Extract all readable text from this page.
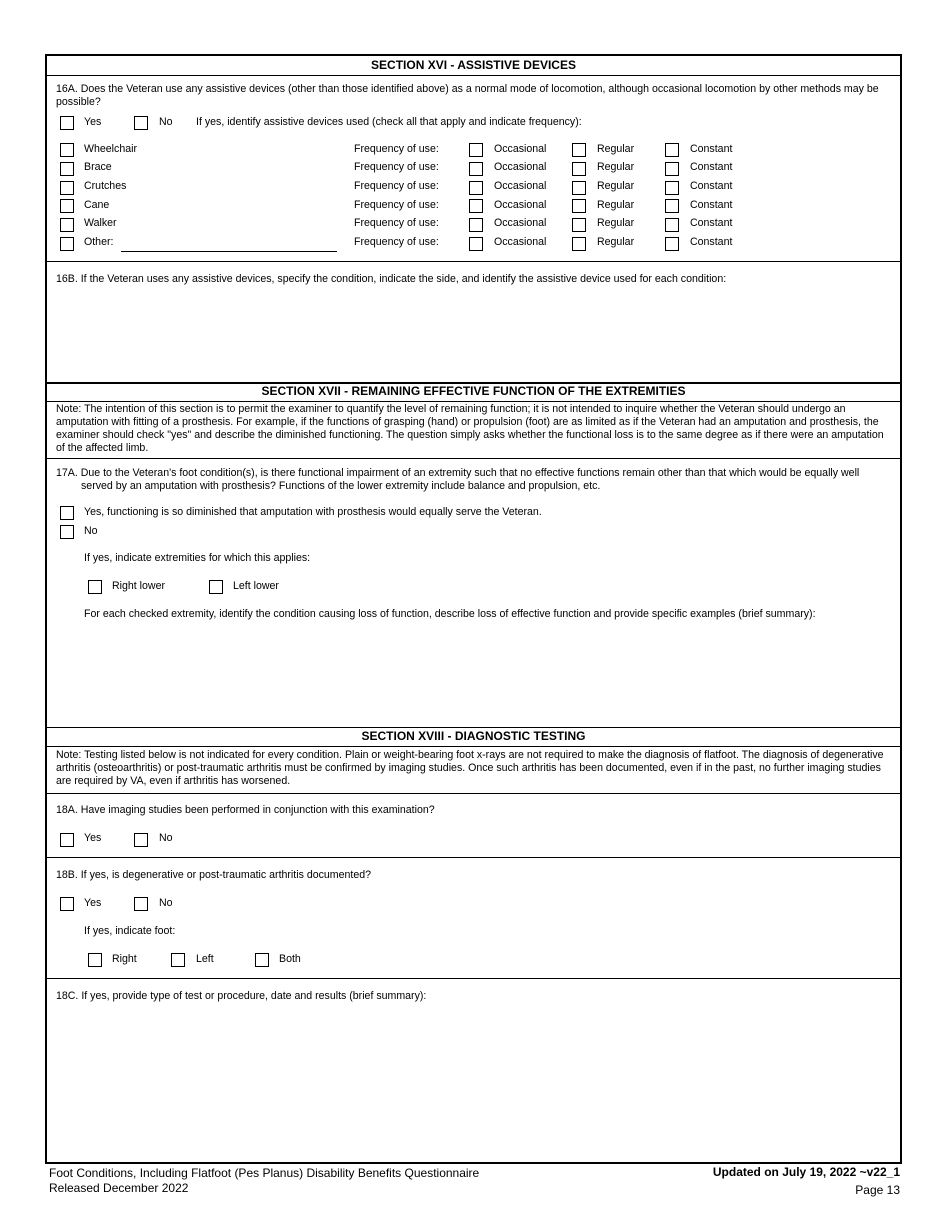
SECTION XVI - ASSISTIVE DEVICES
16A. Does the Veteran use any assistive devices (other than those identified above) as a normal mode of locomotion, although occasional locomotion by other methods may be possible?
Yes	No If yes, identify assistive devices used (check all that apply and indicate frequency):
Wheelchair	Frequency of use:	Occasional	Regular	Constant
Brace	Frequency of use:	Occasional	Regular	Constant
Crutches	Frequency of use:	Occasional	Regular	Constant
Cane	Frequency of use:	Occasional	Regular	Constant
Walker	Frequency of use:	Occasional	Regular	Constant
Other:	Frequency of use:	Occasional	Regular	Constant
16B. If the Veteran uses any assistive devices, specify the condition, indicate the side, and identify the assistive device used for each condition:
SECTION XVII - REMAINING EFFECTIVE FUNCTION OF THE EXTREMITIES
Note: The intention of this section is to permit the examiner to quantify the level of remaining function; it is not intended to inquire whether the Veteran should undergo an amputation with fitting of a prosthesis. For example, if the functions of grasping (hand) or propulsion (foot) are as limited as if the Veteran had an amputation and prosthesis, the examiner should check "yes" and describe the diminished functioning. The question simply asks whether the functional loss is to the same degree as if there were an amputation of the affected limb.
17A. Due to the Veteran's foot condition(s), is there functional impairment of an extremity such that no effective functions remain other than that which would be equally well
served by an amputation with prosthesis? Functions of the lower extremity include balance and propulsion, etc.
Yes, functioning is so diminished that amputation with prosthesis would equally serve the Veteran.
No
If yes, indicate extremities for which this applies:
Right lower	Left lower
For each checked extremity, identify the condition causing loss of function, describe loss of effective function and provide specific examples (brief summary):
SECTION XVIII - DIAGNOSTIC TESTING
Note: Testing listed below is not indicated for every condition. Plain or weight-bearing foot x-rays are not required to make the diagnosis of flatfoot. The diagnosis of degenerative arthritis (osteoarthritis) or post-traumatic arthritis must be confirmed by imaging studies. Once such arthritis has been documented, even if in the past, no further imaging studies are required by VA, even if arthritis has worsened.
18A. Have imaging studies been performed in conjunction with this examination?
Yes	No
18B. If yes, is degenerative or post-traumatic arthritis documented?
Yes	No
If yes, indicate foot:
Right	Left	Both
18C. If yes, provide type of test or procedure, date and results (brief summary):
Foot Conditions, Including Flatfoot (Pes Planus) Disability Benefits Questionnaire
Released December 2022
Updated on July 19, 2022 ~v22_1
Page 13
